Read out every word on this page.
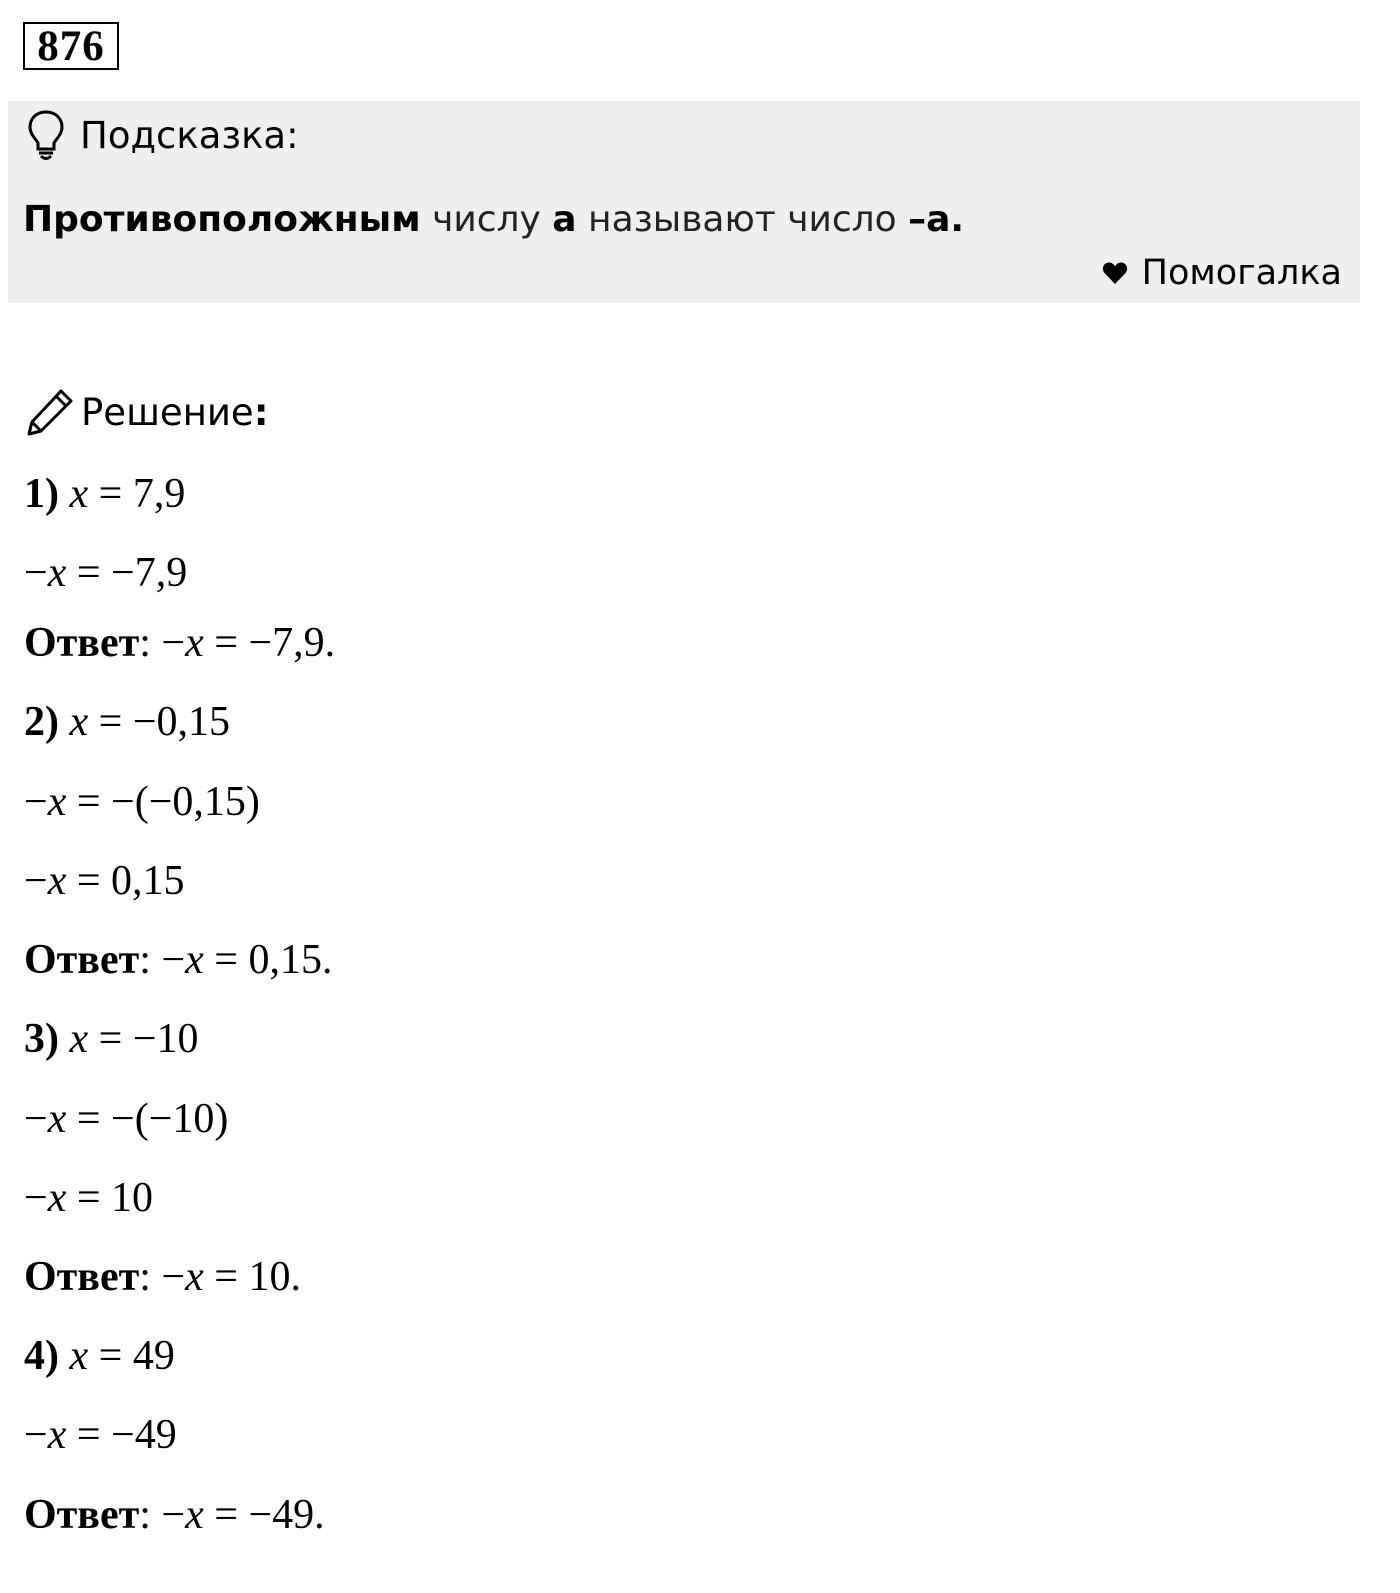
876
Подсказка:
Противоположным числу а называют число –а.
Помогалка
Решение :
1) x = 7,9
−x = −7,9
Ответ: −x = −7,9.
2) x = −0,15
−x = −(−0,15)
−x = 0,15
Ответ: −x = 0,15.
3) x = −10
−x = −(−10)
−x = 10
Ответ: −x = 10.
4) x = 49
−x = −49
Ответ: −x = −49.
